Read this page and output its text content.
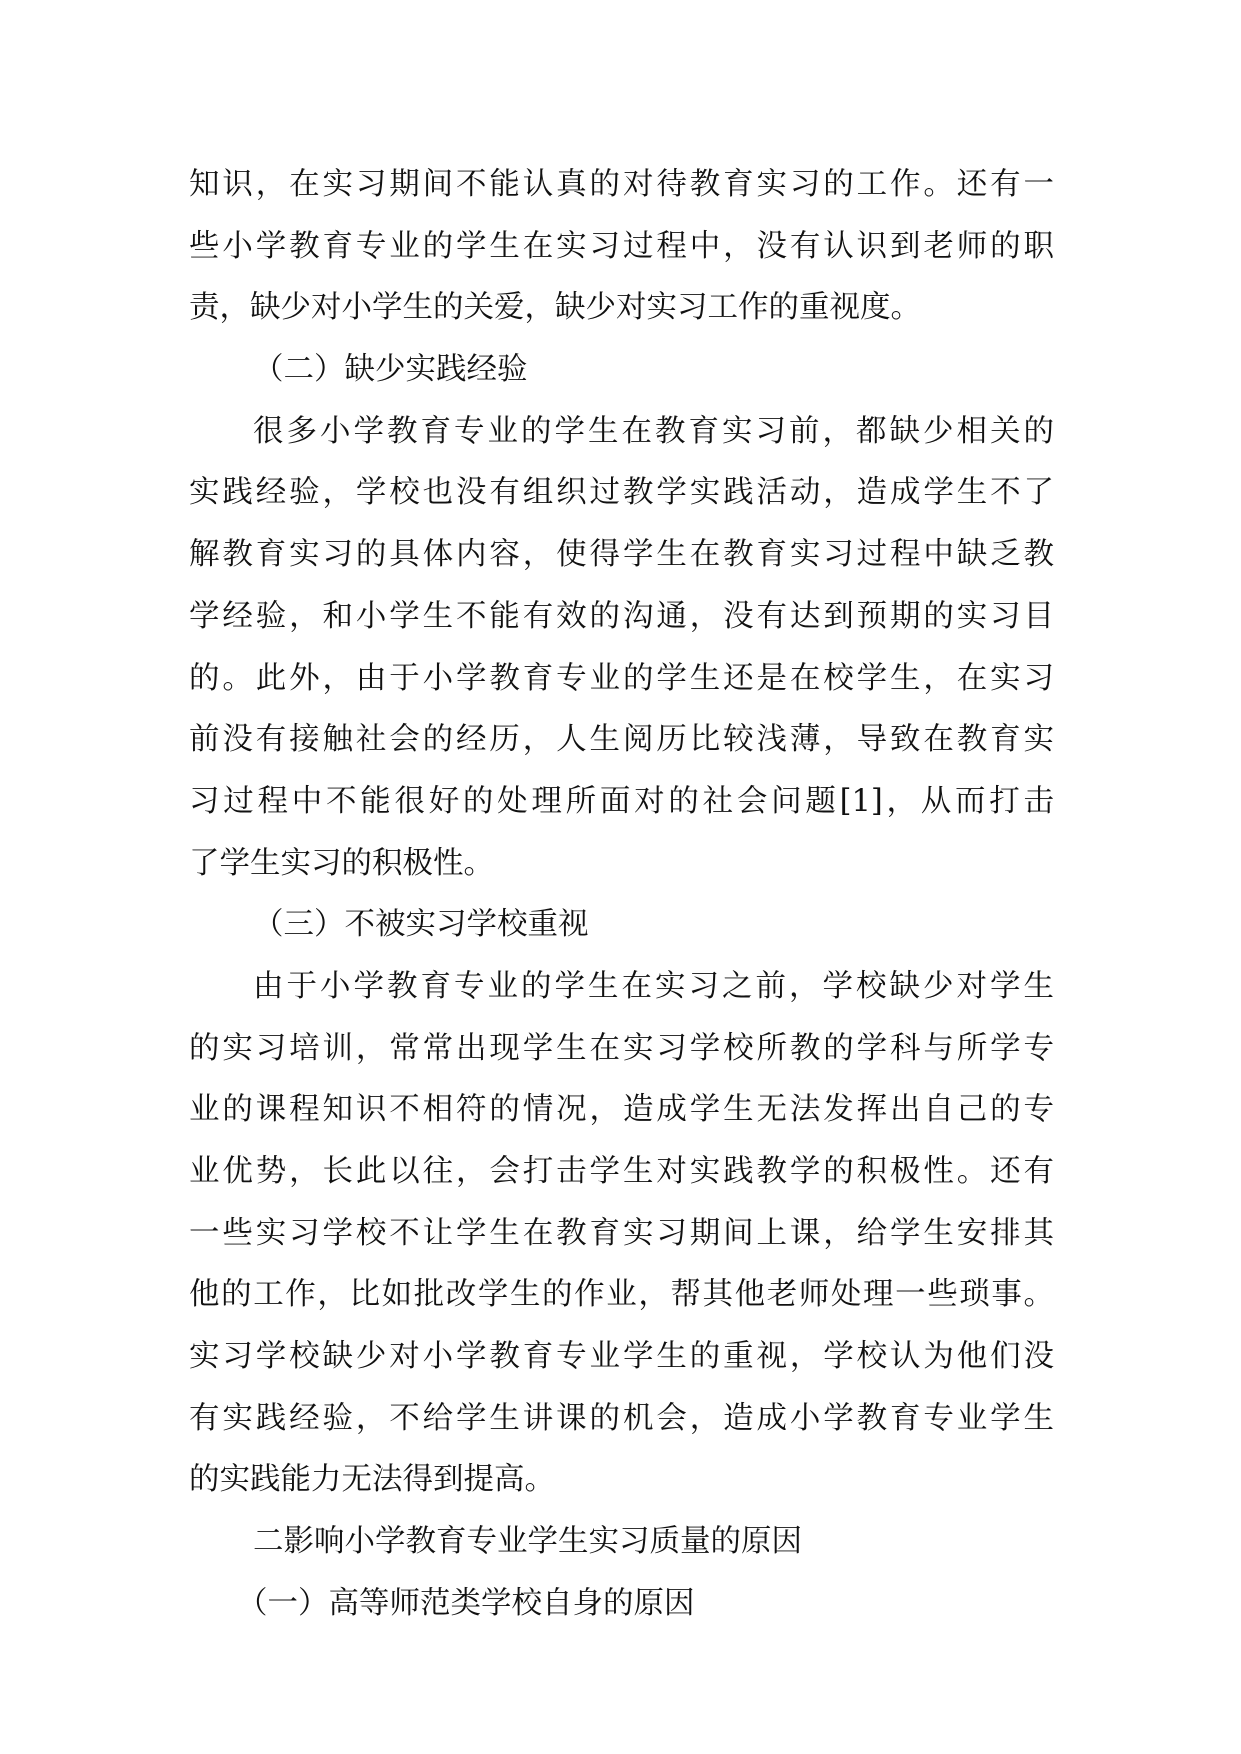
知识，在实习期间不能认真的对待教育实习的工作。还有一
些小学教育专业的学生在实习过程中，没有认识到老师的职
责，缺少对小学生的关爱，缺少对实习工作的重视度。
（二）缺少实践经验
很多小学教育专业的学生在教育实习前，都缺少相关的
实践经验，学校也没有组织过教学实践活动，造成学生不了
解教育实习的具体内容，使得学生在教育实习过程中缺乏教
学经验，和小学生不能有效的沟通，没有达到预期的实习目
的。此外，由于小学教育专业的学生还是在校学生，在实习
前没有接触社会的经历，人生阅历比较浅薄，导致在教育实
习过程中不能很好的处理所面对的社会问题[1]，从而打击
了学生实习的积极性。
（三）不被实习学校重视
由于小学教育专业的学生在实习之前，学校缺少对学生
的实习培训，常常出现学生在实习学校所教的学科与所学专
业的课程知识不相符的情况，造成学生无法发挥出自己的专
业优势，长此以往，会打击学生对实践教学的积极性。还有
一些实习学校不让学生在教育实习期间上课，给学生安排其
他的工作，比如批改学生的作业，帮其他老师处理一些琐事。
实习学校缺少对小学教育专业学生的重视，学校认为他们没
有实践经验，不给学生讲课的机会，造成小学教育专业学生
的实践能力无法得到提高。
二影响小学教育专业学生实习质量的原因
（一）高等师范类学校自身的原因
